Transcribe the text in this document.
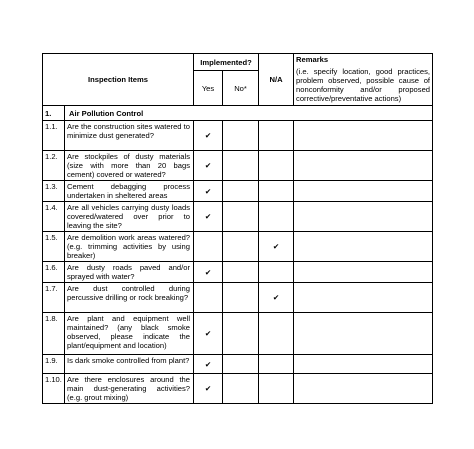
Inspection Items		Implemented?		N/A	Remarks
(i.e. specify location, good practices, problem observed, possible cause of nonconformity and/or proposed corrective/preventative actions)

		Yes	No*		
1.	Air Pollution Control				
1.1.	Are the construction sites watered to minimize dust generated?	✔			
1.2.	Are stockpiles of dusty materials (size with more than 20 bags cement) covered or watered?	✔			
1.3.	Cement debagging process undertaken in sheltered areas	✔			
1.4.	Are all vehicles carrying dusty loads covered/watered over prior to leaving the site?	✔			
1.5.	Are demolition work areas watered? (e.g. trimming activities by using breaker)			✔	
1.6.	Are dusty roads paved and/or sprayed with water?	✔			
1.7.	Are dust controlled during percussive drilling or rock breaking?			✔	
1.8.	Are plant and equipment well maintained? (any black smoke observed, please indicate the plant/equipment and location)	✔			
1.9.	Is dark smoke controlled from plant?	✔			
1.10.	Are there enclosures around the main dust-generating activities? (e.g. grout mixing)	✔			
